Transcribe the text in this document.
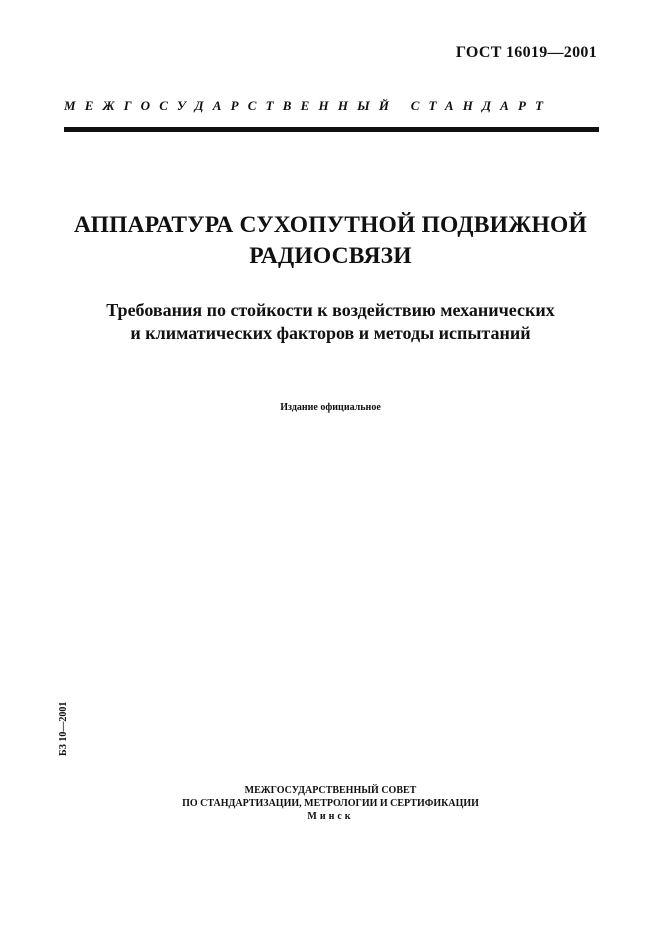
ГОСТ 16019—2001
МЕЖГОСУДАРСТВЕННЫЙ СТАНДАРТ
АППАРАТУРА СУХОПУТНОЙ ПОДВИЖНОЙ
РАДИОСВЯЗИ
Требования по стойкости к воздействию механических
и климатических факторов и методы испытаний
Издание официальное
БЗ 10—2001
МЕЖГОСУДАРСТВЕННЫЙ СОВЕТ
ПО СТАНДАРТИЗАЦИИ, МЕТРОЛОГИИ И СЕРТИФИКАЦИИ
Минск
